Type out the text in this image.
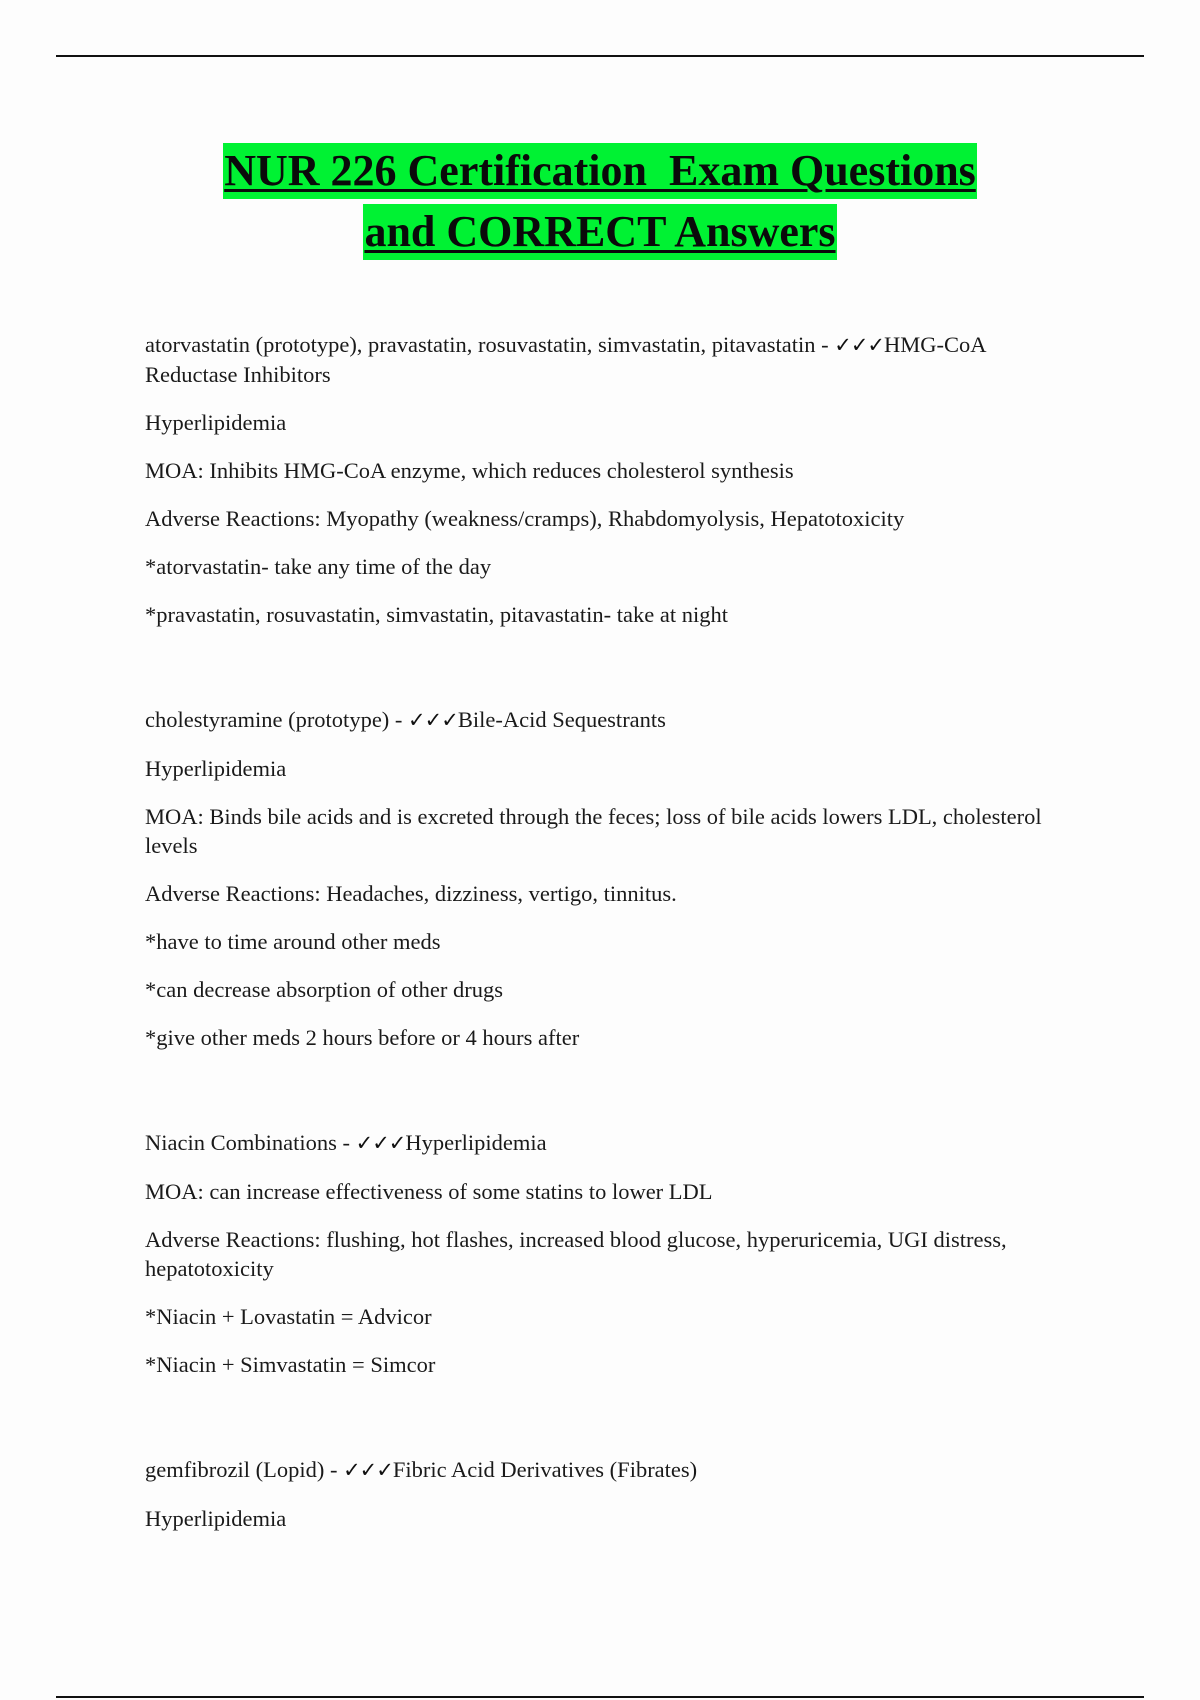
NUR 226 Certification  Exam Questions
and CORRECT Answers

atorvastatin (prototype), pravastatin, rosuvastatin, simvastatin, pitavastatin - ✓✓✓HMG-CoA Reductase Inhibitors

Hyperlipidemia

MOA: Inhibits HMG-CoA enzyme, which reduces cholesterol synthesis

Adverse Reactions: Myopathy (weakness/cramps), Rhabdomyolysis, Hepatotoxicity

*atorvastatin- take any time of the day

*pravastatin, rosuvastatin, simvastatin, pitavastatin- take at night

cholestyramine (prototype) - ✓✓✓Bile-Acid Sequestrants

Hyperlipidemia

MOA: Binds bile acids and is excreted through the feces; loss of bile acids lowers LDL, cholesterol levels

Adverse Reactions: Headaches, dizziness, vertigo, tinnitus.

*have to time around other meds

*can decrease absorption of other drugs

*give other meds 2 hours before or 4 hours after

Niacin Combinations - ✓✓✓Hyperlipidemia

MOA: can increase effectiveness of some statins to lower LDL

Adverse Reactions: flushing, hot flashes, increased blood glucose, hyperuricemia, UGI distress, hepatotoxicity

*Niacin + Lovastatin = Advicor

*Niacin + Simvastatin = Simcor

gemfibrozil (Lopid) - ✓✓✓Fibric Acid Derivatives (Fibrates)

Hyperlipidemia
